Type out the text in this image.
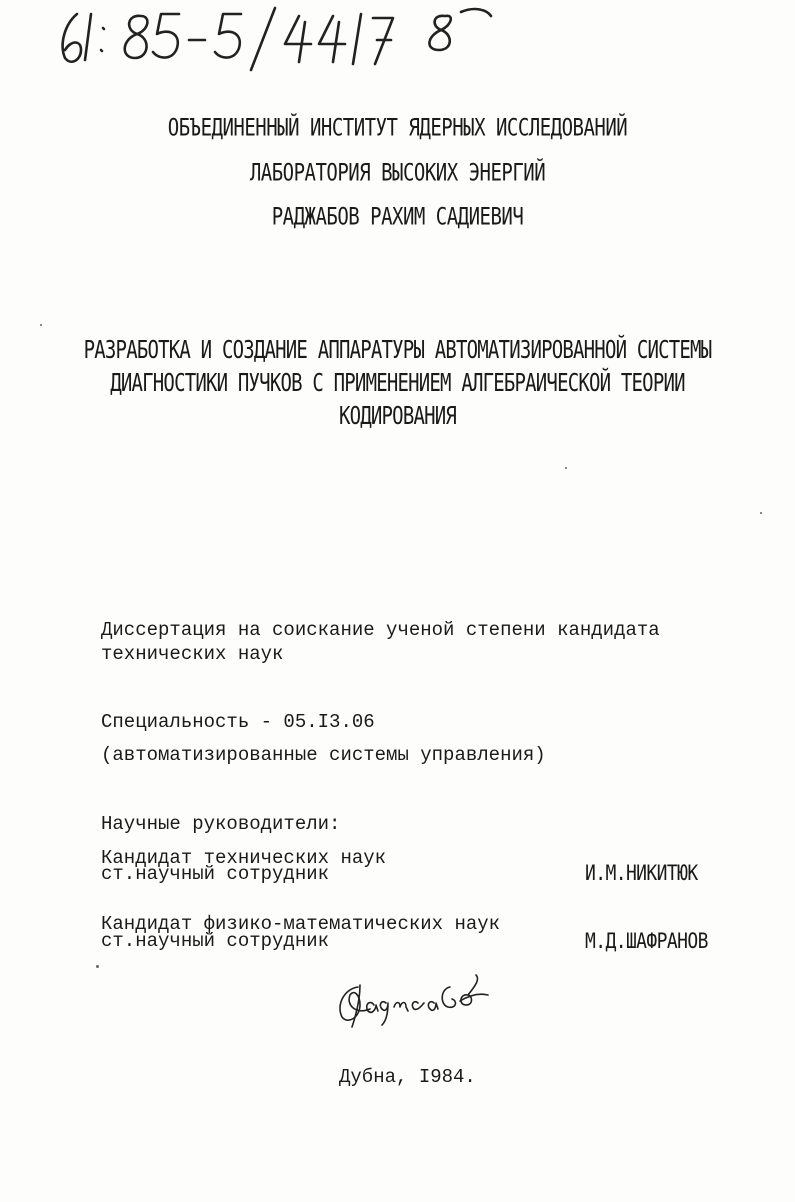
ОБЪЕДИНЕННЫЙ ИНСТИТУТ ЯДЕРНЫХ ИССЛЕДОВАНИЙ
ЛАБОРАТОРИЯ ВЫСОКИХ ЭНЕРГИЙ
РАДЖАБОВ РАХИМ САДИЕВИЧ
РАЗРАБОТКА И СОЗДАНИЕ АППАРАТУРЫ АВТОМАТИЗИРОВАННОЙ СИСТЕМЫ
ДИАГНОСТИКИ ПУЧКОВ С ПРИМЕНЕНИЕМ АЛГЕБРАИЧЕСКОЙ ТЕОРИИ
КОДИРОВАНИЯ
Диссертация на соискание ученой степени кандидата
технических наук
Специальность - 05.I3.06
(автоматизированные системы управления)
Научные руководители:
Кандидат технических наук
ст.научный сотрудник	И.М.НИКИТЮК
Кандидат физико-математических наук
ст.научный сотрудник	М.Д.ШАФРАНОВ
Дубна, I984.
